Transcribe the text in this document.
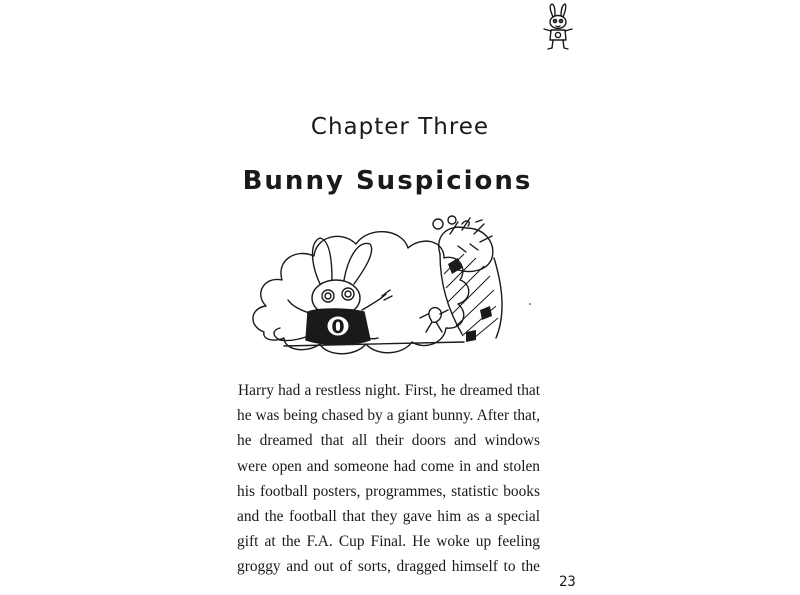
Chapter Three
Bunny Suspicions
0
Harry had a restless night. First, he dreamed that
he was being chased by a giant bunny. After that,
he dreamed that all their doors and windows
were open and someone had come in and stolen
his football posters, programmes, statistic books
and the football that they gave him as a special
gift at the F.A. Cup Final. He woke up feeling
groggy and out of sorts, dragged himself to the
23
